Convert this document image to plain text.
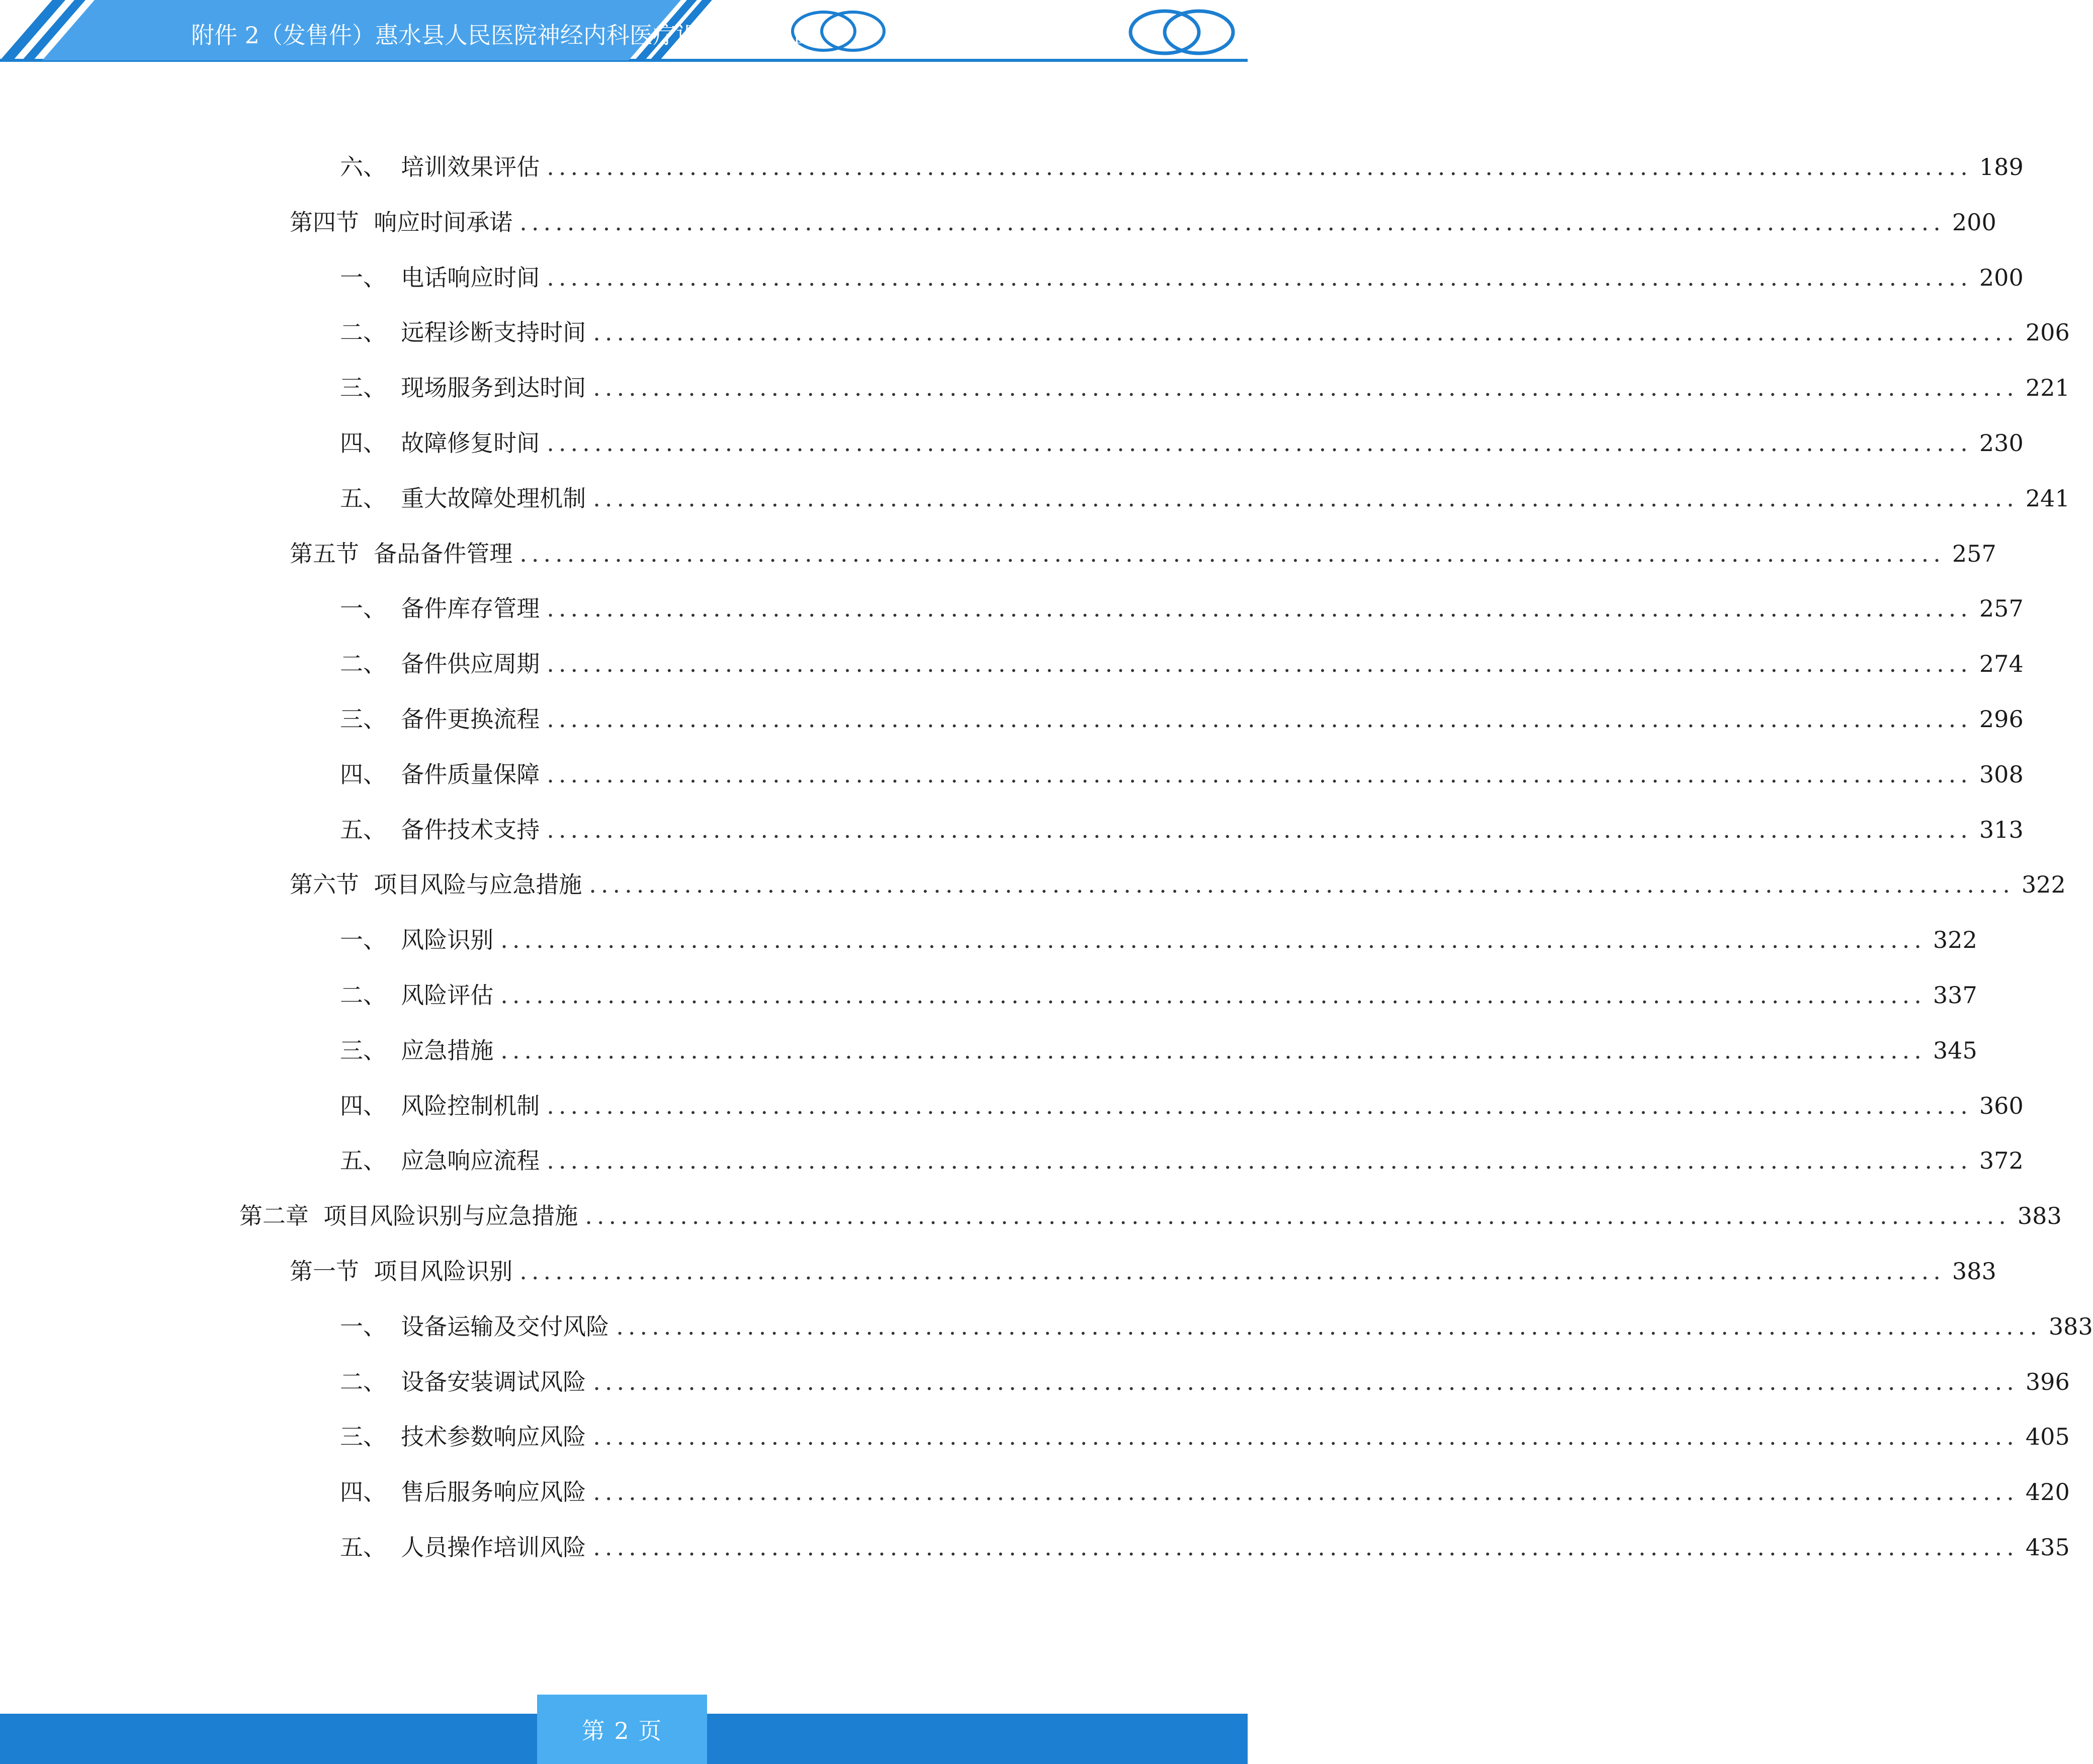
附件 2（发售件）惠水县人民医院神经内科医疗设备采购项目
六、  培训效果评估 ........................................................................................................................ 189
第四节  响应时间承诺 ........................................................................................................................ 200
一、  电话响应时间 ........................................................................................................................ 200
二、  远程诊断支持时间 ........................................................................................................................ 206
三、  现场服务到达时间 ........................................................................................................................ 221
四、  故障修复时间 ........................................................................................................................ 230
五、  重大故障处理机制 ........................................................................................................................ 241
第五节  备品备件管理 ........................................................................................................................ 257
一、  备件库存管理 ........................................................................................................................ 257
二、  备件供应周期 ........................................................................................................................ 274
三、  备件更换流程 ........................................................................................................................ 296
四、  备件质量保障 ........................................................................................................................ 308
五、  备件技术支持 ........................................................................................................................ 313
第六节  项目风险与应急措施 ........................................................................................................................ 322
一、  风险识别 ........................................................................................................................ 322
二、  风险评估 ........................................................................................................................ 337
三、  应急措施 ........................................................................................................................ 345
四、  风险控制机制 ........................................................................................................................ 360
五、  应急响应流程 ........................................................................................................................ 372
第二章  项目风险识别与应急措施 ........................................................................................................................ 383
第一节  项目风险识别 ........................................................................................................................ 383
一、  设备运输及交付风险 ........................................................................................................................ 383
二、  设备安装调试风险 ........................................................................................................................ 396
三、  技术参数响应风险 ........................................................................................................................ 405
四、  售后服务响应风险 ........................................................................................................................ 420
五、  人员操作培训风险 ........................................................................................................................ 435
第 2 页
